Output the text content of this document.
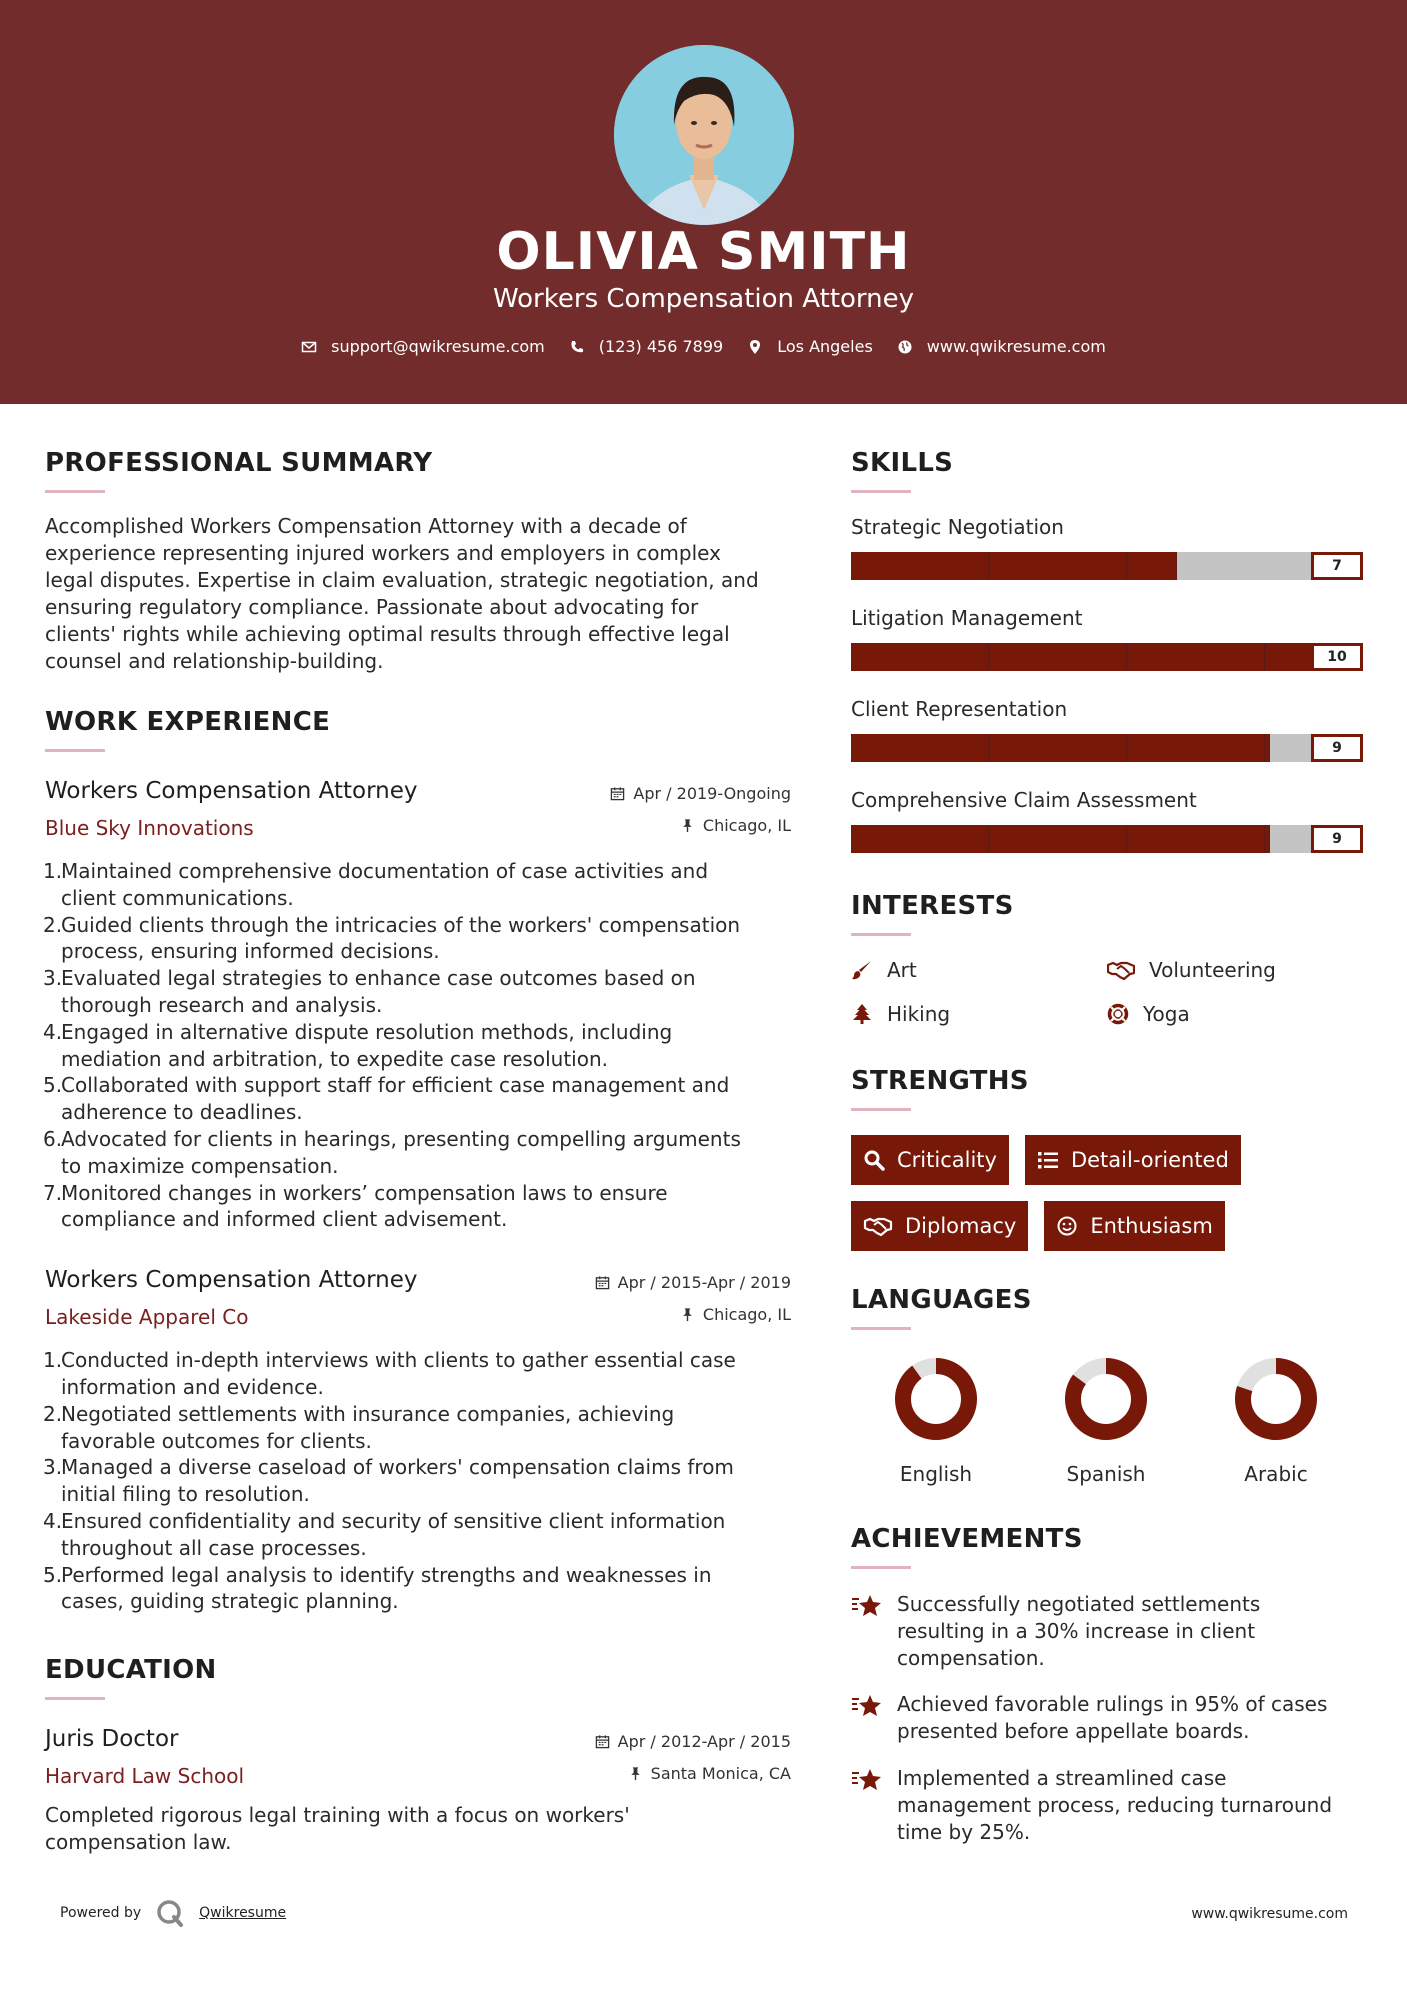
OLIVIA SMITH
Workers Compensation Attorney
support@qwikresume.com	(123) 456 7899	Los Angeles	www.qwikresume.com
PROFESSIONAL SUMMARY
Accomplished Workers Compensation Attorney with a decade of
experience representing injured workers and employers in complex
legal disputes. Expertise in claim evaluation, strategic negotiation, and
ensuring regulatory compliance. Passionate about advocating for
clients' rights while achieving optimal results through effective legal
counsel and relationship-building.
WORK EXPERIENCE
Workers Compensation Attorney
Blue Sky Innovations
Apr / 2019-Ongoing
Chicago, IL
1.
Maintained comprehensive documentation of case activities and
client communications.
2.
Guided clients through the intricacies of the workers' compensation
process, ensuring informed decisions.
3.
Evaluated legal strategies to enhance case outcomes based on
thorough research and analysis.
4.
Engaged in alternative dispute resolution methods, including
mediation and arbitration, to expedite case resolution.
5.
Collaborated with support staff for efficient case management and
adherence to deadlines.
6.
Advocated for clients in hearings, presenting compelling arguments
to maximize compensation.
7.
Monitored changes in workers’ compensation laws to ensure
compliance and informed client advisement.
Workers Compensation Attorney
Lakeside Apparel Co
Apr / 2015-Apr / 2019
Chicago, IL
1.
Conducted in-depth interviews with clients to gather essential case
information and evidence.
2.
Negotiated settlements with insurance companies, achieving
favorable outcomes for clients.
3.
Managed a diverse caseload of workers' compensation claims from
initial filing to resolution.
4.
Ensured confidentiality and security of sensitive client information
throughout all case processes.
5.
Performed legal analysis to identify strengths and weaknesses in
cases, guiding strategic planning.
EDUCATION
Juris Doctor
Harvard Law School
Apr / 2012-Apr / 2015
Santa Monica, CA
Completed rigorous legal training with a focus on workers'
compensation law.
SKILLS
Strategic Negotiation
7
Litigation Management
10
Client Representation
9
Comprehensive Claim Assessment
9
INTERESTS
Art	Volunteering
Hiking	Yoga
STRENGTHS
Criticality	Detail-oriented
Diplomacy	Enthusiasm
LANGUAGES
English	Spanish	Arabic
ACHIEVEMENTS
Successfully negotiated settlements
resulting in a 30% increase in client
compensation.
Achieved favorable rulings in 95% of cases
presented before appellate boards.
Implemented a streamlined case
management process, reducing turnaround
time by 25%.
Powered by	Qwikresume	www.qwikresume.com
